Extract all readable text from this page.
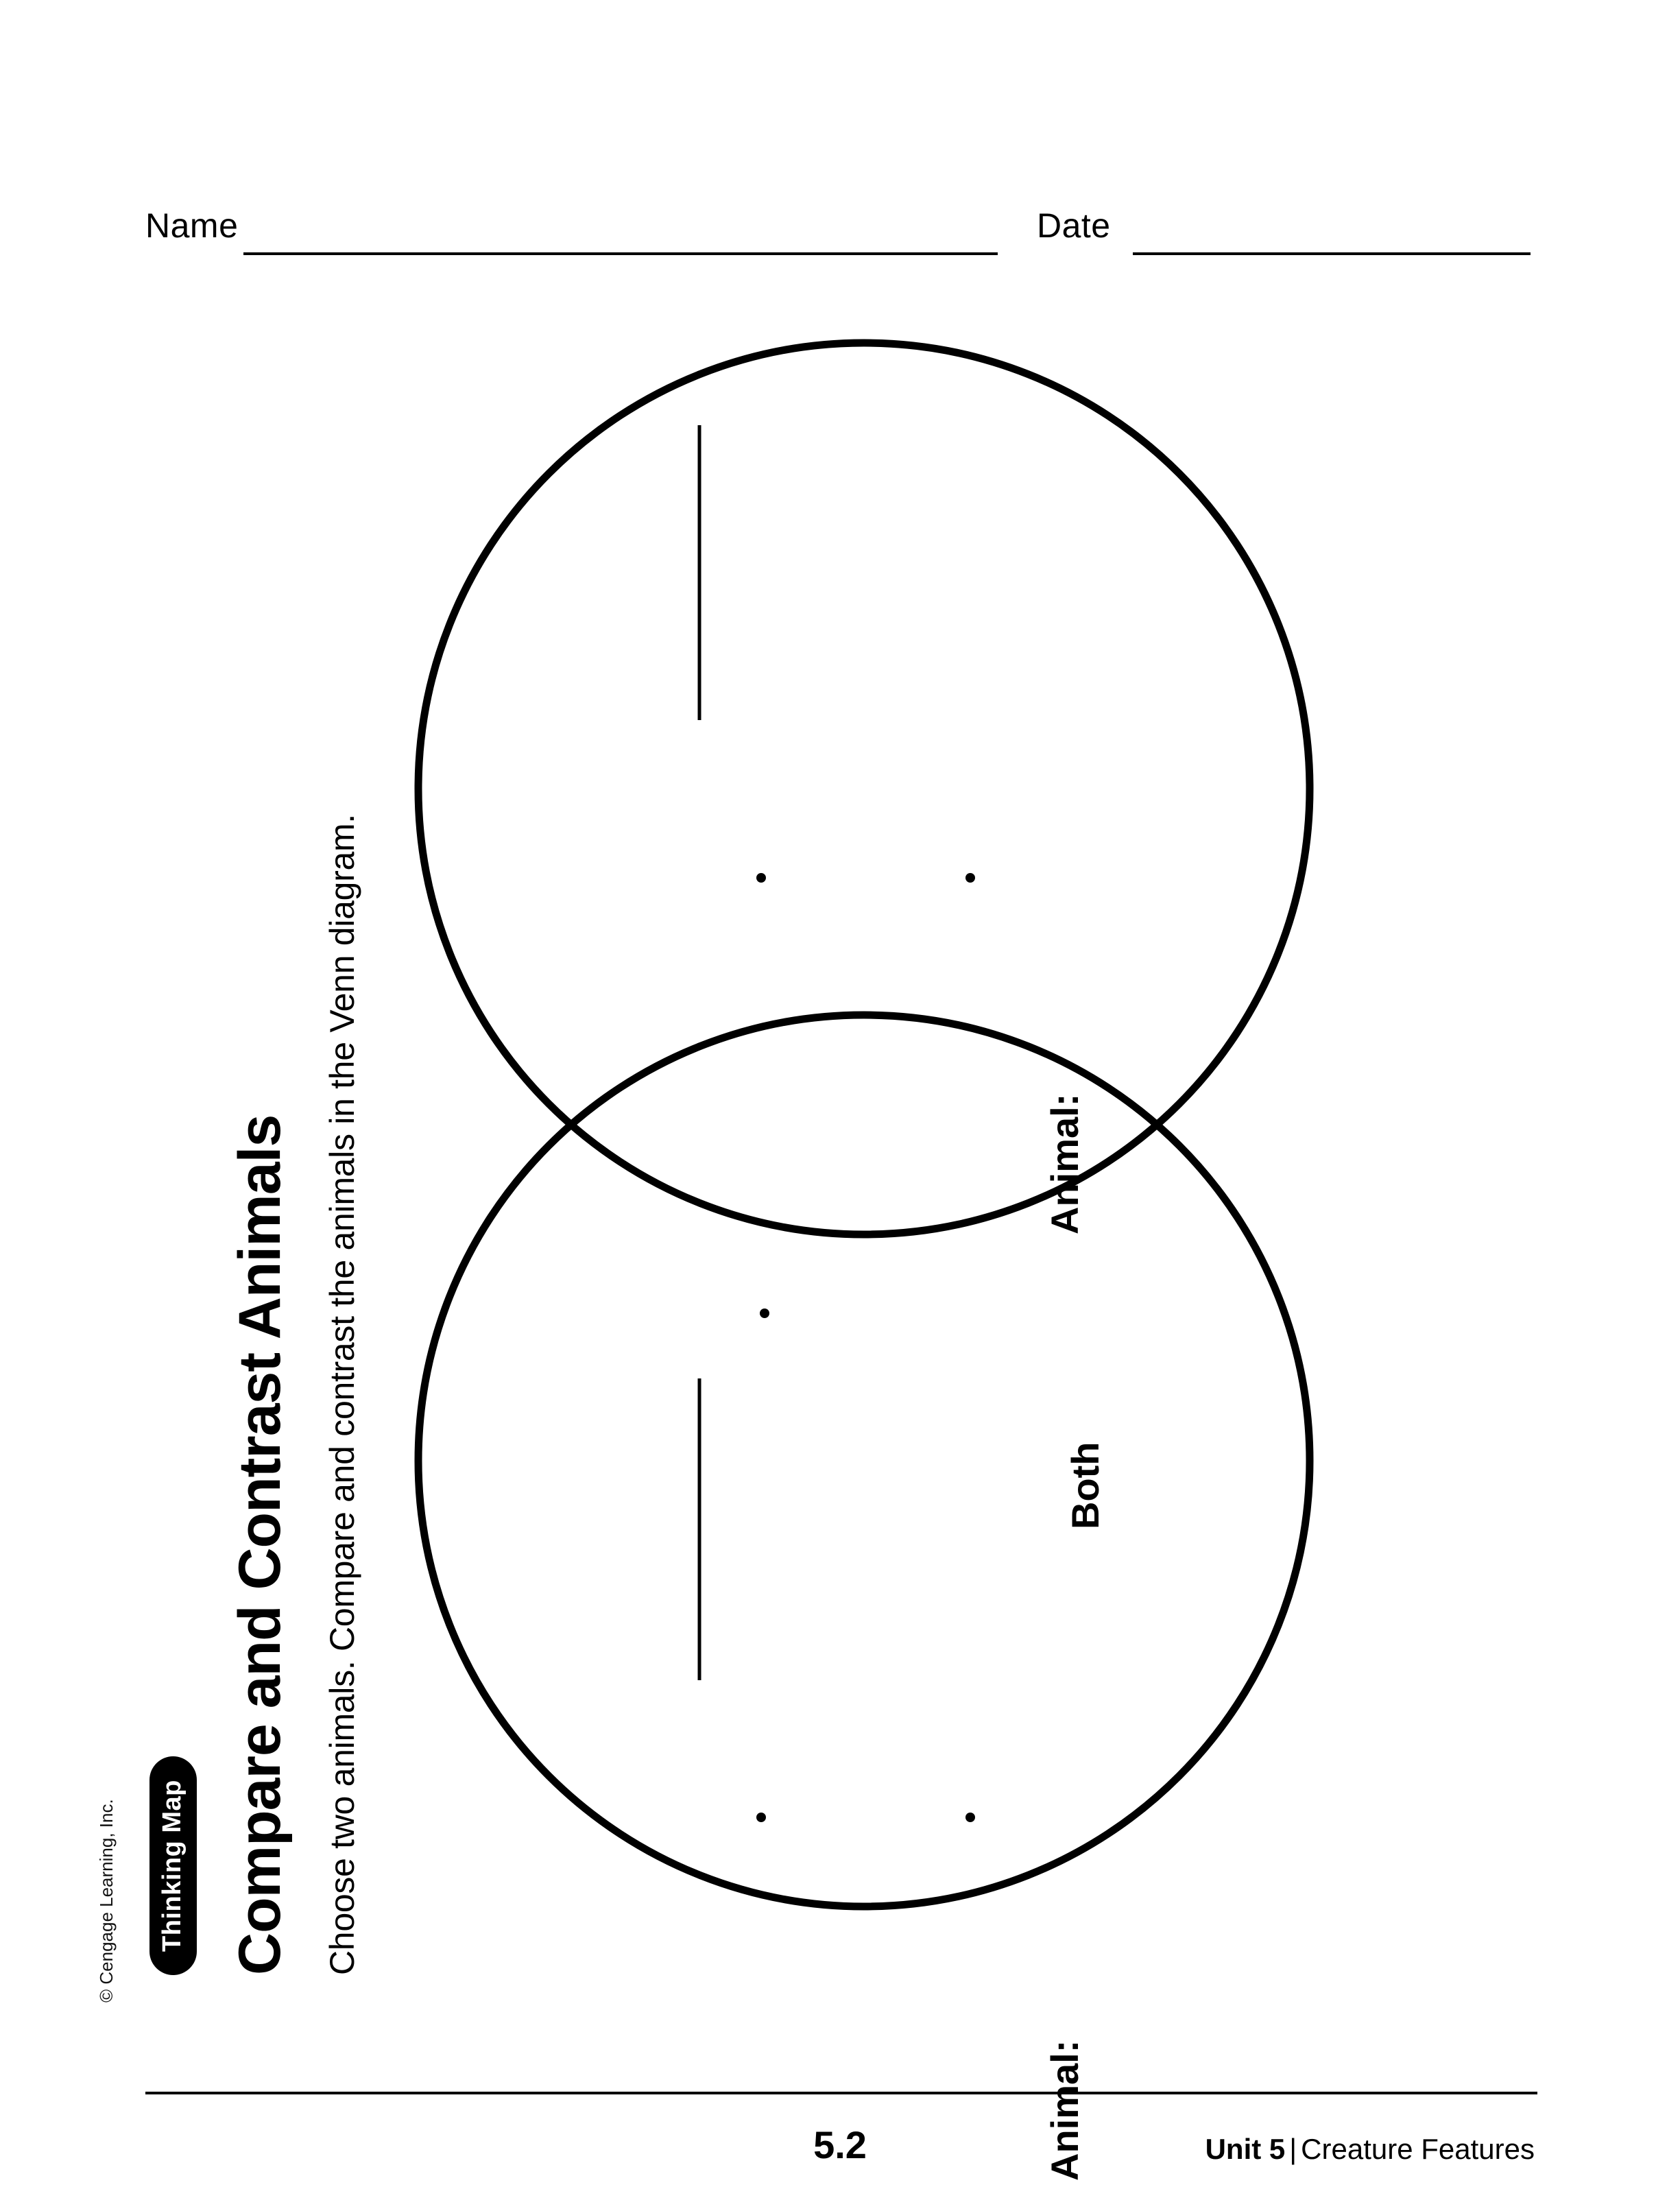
Name	Date
© Cengage Learning, Inc.	Thinking Map Compare and Contrast Animals Choose two animals. Compare and contrast the animals in the Venn diagram.	Animal:
Both
Animal:
5.2	Unit 5 | Creature Features
